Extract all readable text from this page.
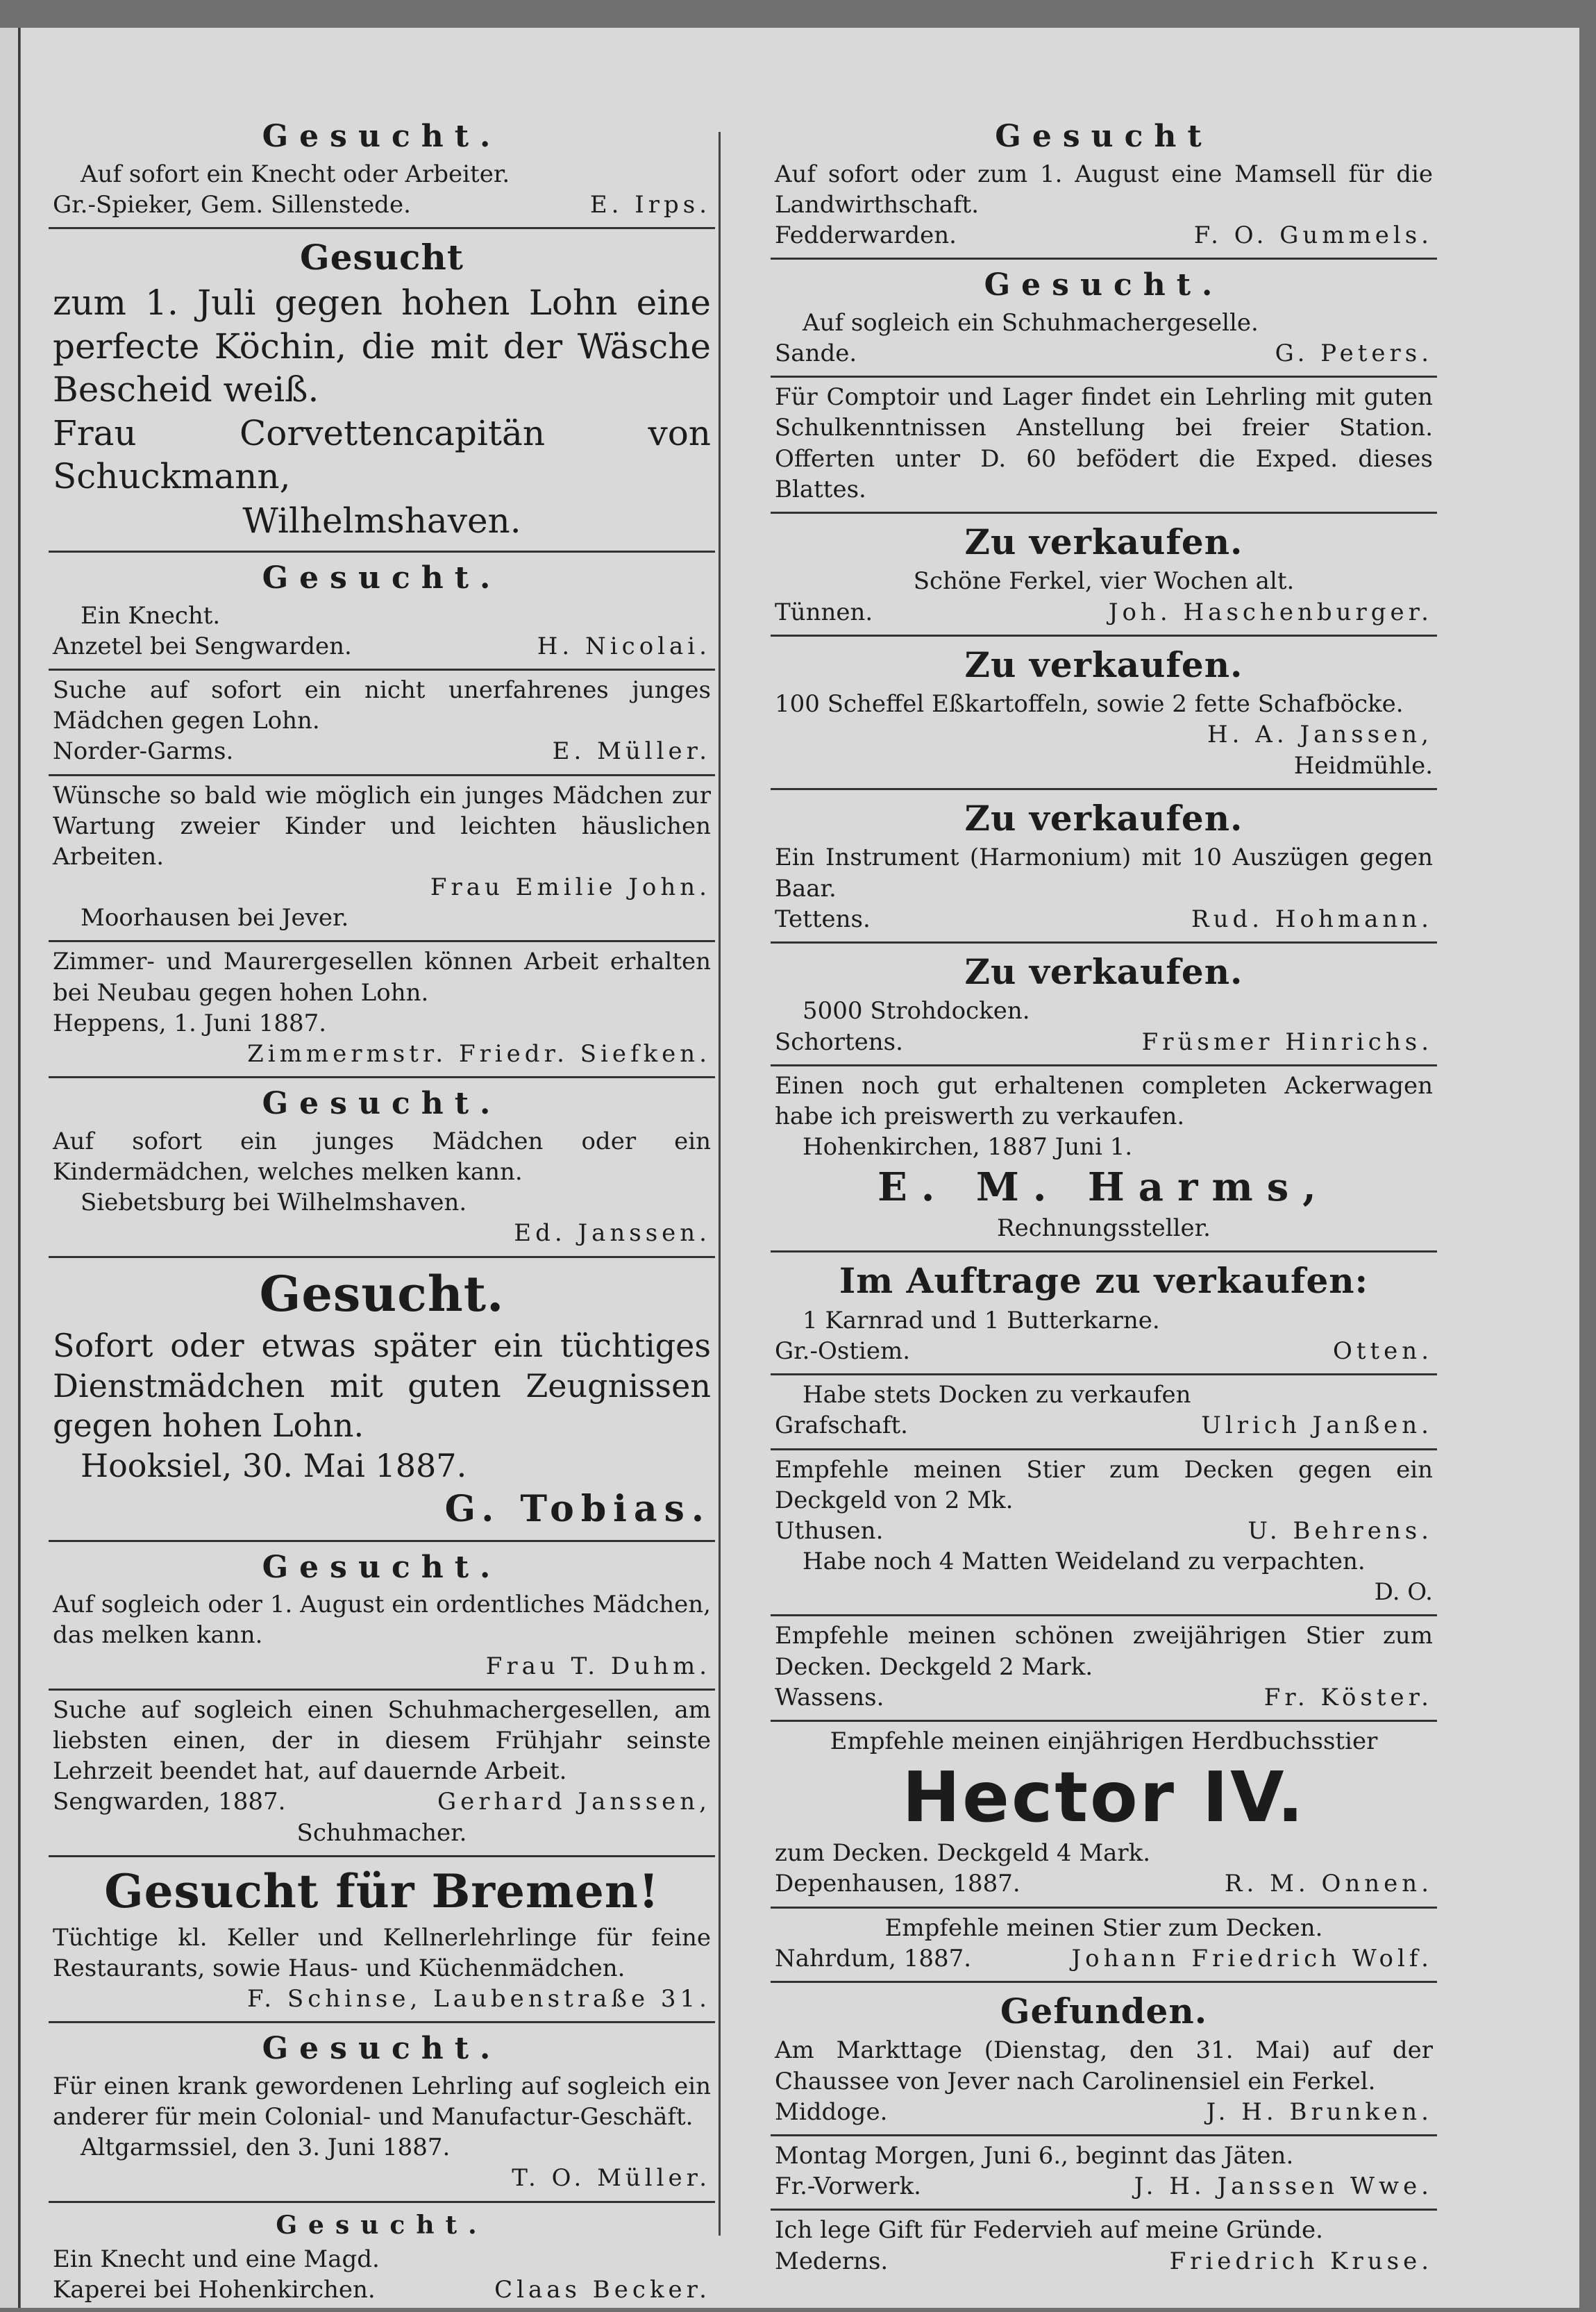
Gesucht.

Auf sofort ein Knecht oder Arbeiter.

Gr.-Spieker, Gem. Sillenstede.	E. Irps.
Gesucht

zum 1. Juli gegen hohen Lohn eine perfecte Köchin, die mit der Wäsche Bescheid weiß.

Frau Corvettencapitän von Schuckmann,

Wilhelmshaven.
Gesucht.

Ein Knecht.

Anzetel bei Sengwarden.	H. Nicolai.

Suche auf sofort ein nicht unerfahrenes junges Mädchen gegen Lohn.

Norder-Garms.	E. Müller.

Wünsche so bald wie möglich ein junges Mädchen zur Wartung zweier Kinder und leichten häuslichen Arbeiten.

Frau Emilie John.
Moorhausen bei Jever.

Zimmer- und Maurergesellen können Arbeit erhalten bei Neubau gegen hohen Lohn.

Heppens, 1. Juni 1887.
Zimmermstr. Friedr. Siefken.
Gesucht.

Auf sofort ein junges Mädchen oder ein Kindermädchen, welches melken kann.

Siebetsburg bei Wilhelmshaven.
Ed. Janssen.
Gesucht.

Sofort oder etwas später ein tüchtiges Dienstmädchen mit guten Zeugnissen gegen hohen Lohn.

Hooksiel, 30. Mai 1887.
G. Tobias.
Gesucht.

Auf sogleich oder 1. August ein ordentliches Mädchen, das melken kann.

Frau T. Duhm.

Suche auf sogleich einen Schuhmachergesellen, am liebsten einen, der in diesem Frühjahr seinste Lehrzeit beendet hat, auf dauernde Arbeit.

Sengwarden, 1887.	Gerhard Janssen,
Schuhmacher.
Gesucht für Bremen!

Tüchtige kl. Keller und Kellnerlehrlinge für feine Restaurants, sowie Haus- und Küchenmädchen.

F. Schinse, Laubenstraße 31.
Gesucht.

Für einen krank gewordenen Lehrling auf sogleich ein anderer für mein Colonial- und Manufactur-Geschäft.

Altgarmssiel, den 3. Juni 1887.
T. O. Müller.
Gesucht.

Ein Knecht und eine Magd.

Kaperei bei Hohenkirchen.	Claas Becker.
Gesucht

Auf sofort oder zum 1. August eine Mamsell für die Landwirthschaft.

Fedderwarden.	F. O. Gummels.
Gesucht.

Auf sogleich ein Schuhmachergeselle.

Sande.	G. Peters.

Für Comptoir und Lager findet ein Lehrling mit guten Schulkenntnissen Anstellung bei freier Station. Offerten unter D. 60 befödert die Exped. dieses Blattes.

Zu verkaufen.

Schöne Ferkel, vier Wochen alt.

Tünnen.	Joh. Haschenburger.
Zu verkaufen.

100 Scheffel Eßkartoffeln, sowie 2 fette Schafböcke.

H. A. Janssen,
Heidmühle.
Zu verkaufen.

Ein Instrument (Harmonium) mit 10 Auszügen gegen Baar.

Tettens.	Rud. Hohmann.
Zu verkaufen.

5000 Strohdocken.

Schortens.	Früsmer Hinrichs.

Einen noch gut erhaltenen completen Ackerwagen habe ich preiswerth zu verkaufen.

Hohenkirchen, 1887 Juni 1.
E. M. Harms,
Rechnungssteller.
Im Auftrage zu verkaufen:

1 Karnrad und 1 Butterkarne.

Gr.-Ostiem.	Otten.

Habe stets Docken zu verkaufen

Grafschaft.	Ulrich Janßen.

Empfehle meinen Stier zum Decken gegen ein Deckgeld von 2 Mk.

Uthusen.	U. Behrens.

Habe noch 4 Matten Weideland zu verpachten.

D. O.

Empfehle meinen schönen zweijährigen Stier zum Decken. Deckgeld 2 Mark.

Wassens.	Fr. Köster.

Empfehle meinen einjährigen Herdbuchsstier

Hector IV.

zum Decken. Deckgeld 4 Mark.

Depenhausen, 1887.	R. M. Onnen.

Empfehle meinen Stier zum Decken.

Nahrdum, 1887.	Johann Friedrich Wolf.
Gefunden.

Am Markttage (Dienstag, den 31. Mai) auf der Chaussee von Jever nach Carolinensiel ein Ferkel.

Middoge.	J. H. Brunken.

Montag Morgen, Juni 6., beginnt das Jäten.

Fr.-Vorwerk.	J. H. Janssen Wwe.

Ich lege Gift für Federvieh auf meine Gründe.

Mederns.	Friedrich Kruse.
